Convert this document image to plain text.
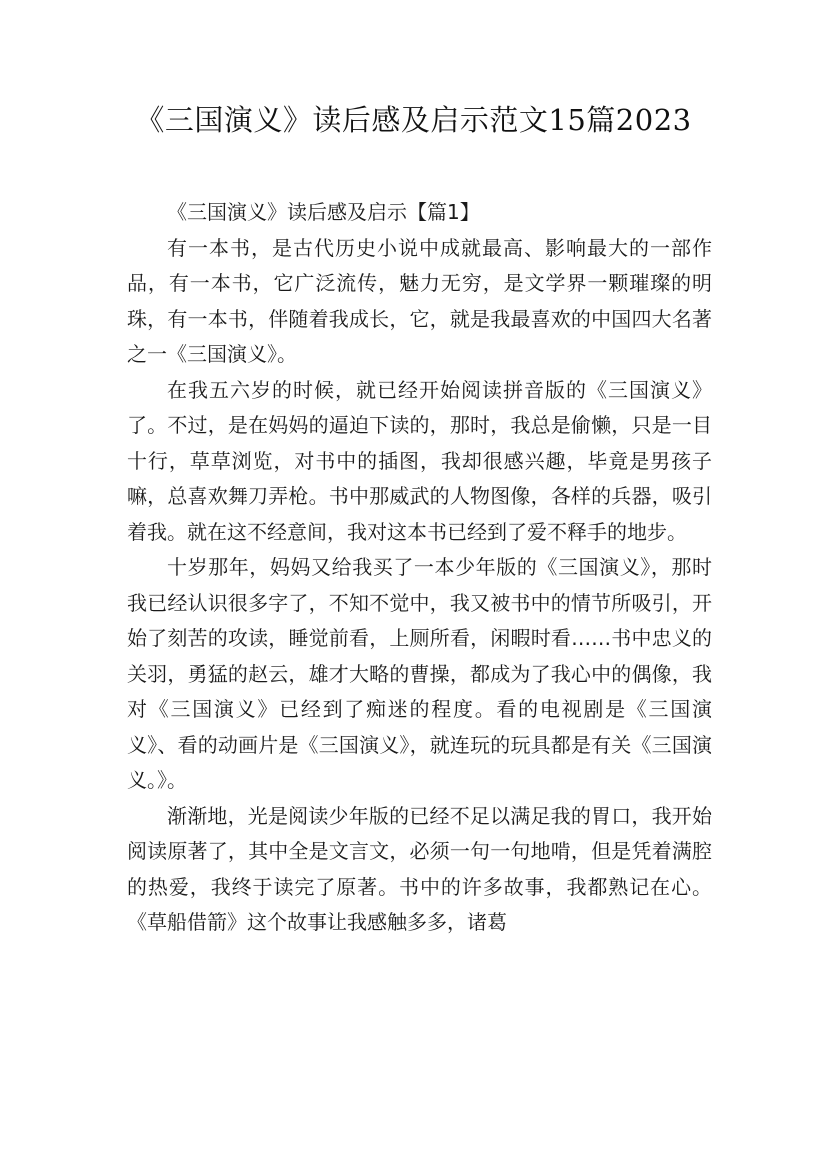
《三国演义》读后感及启示范文15篇2023

《三国演义》读后感及启示【篇1】

有一本书，是古代历史小说中成就最高、影响最大的一部作品，有一本书，它广泛流传，魅力无穷，是文学界一颗璀璨的明珠，有一本书，伴随着我成长，它，就是我最喜欢的中国四大名著之一《三国演义》。

在我五六岁的时候，就已经开始阅读拼音版的《三国演义》了。不过，是在妈妈的逼迫下读的，那时，我总是偷懒，只是一目十行，草草浏览，对书中的插图，我却很感兴趣，毕竟是男孩子嘛，总喜欢舞刀弄枪。书中那威武的人物图像，各样的兵器，吸引着我。就在这不经意间，我对这本书已经到了爱不释手的地步。

十岁那年，妈妈又给我买了一本少年版的《三国演义》，那时我已经认识很多字了，不知不觉中，我又被书中的情节所吸引，开始了刻苦的攻读，睡觉前看，上厕所看，闲暇时看……书中忠义的关羽，勇猛的赵云，雄才大略的曹操，都成为了我心中的偶像，我对《三国演义》已经到了痴迷的程度。看的电视剧是《三国演义》、看的动画片是《三国演义》，就连玩的玩具都是有关《三国演义。》。

渐渐地，光是阅读少年版的已经不足以满足我的胃口，我开始阅读原著了，其中全是文言文，必须一句一句地啃，但是凭着满腔的热爱，我终于读完了原著。书中的许多故事，我都熟记在心。《草船借箭》这个故事让我感触多多，诸葛
